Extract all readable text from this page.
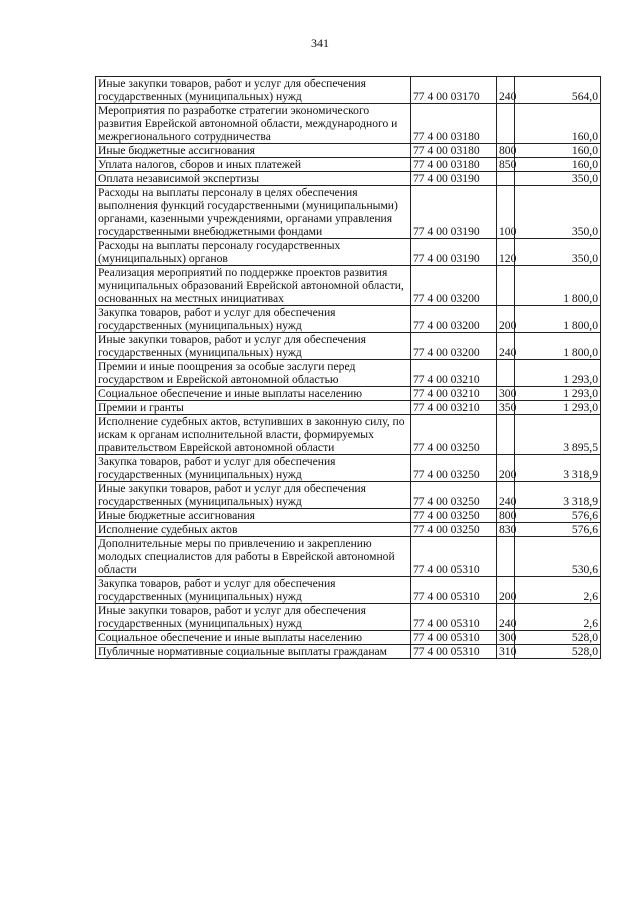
341
Иные закупки товаров, работ и услуг для обеспечения государственных (муниципальных) нужд	77 4 00 03170	240	564,0
Мероприятия по разработке стратегии экономического развития Еврейской автономной области, международного и межрегионального сотрудничества	77 4 00 03180		160,0
Иные бюджетные ассигнования	77 4 00 03180	800	160,0
Уплата налогов, сборов и иных платежей	77 4 00 03180	850	160,0
Оплата независимой экспертизы	77 4 00 03190		350,0
Расходы на выплаты персоналу в целях обеспечения выполнения функций государственными (муниципальными) органами, казенными учреждениями, органами управления государственными внебюджетными фондами	77 4 00 03190	100	350,0
Расходы на выплаты персоналу государственных (муниципальных) органов	77 4 00 03190	120	350,0
Реализация мероприятий по поддержке проектов развития муниципальных образований Еврейской автономной области, основанных на местных инициативах	77 4 00 03200		1 800,0
Закупка товаров, работ и услуг для обеспечения государственных (муниципальных) нужд	77 4 00 03200	200	1 800,0
Иные закупки товаров, работ и услуг для обеспечения государственных (муниципальных) нужд	77 4 00 03200	240	1 800,0
Премии и иные поощрения за особые заслуги перед государством и Еврейской автономной областью	77 4 00 03210		1 293,0
Социальное обеспечение и иные выплаты населению	77 4 00 03210	300	1 293,0
Премии и гранты	77 4 00 03210	350	1 293,0
Исполнение судебных актов, вступивших в законную силу, по искам к органам исполнительной власти, формируемых правительством Еврейской автономной области	77 4 00 03250		3 895,5
Закупка товаров, работ и услуг для обеспечения государственных (муниципальных) нужд	77 4 00 03250	200	3 318,9
Иные закупки товаров, работ и услуг для обеспечения государственных (муниципальных) нужд	77 4 00 03250	240	3 318,9
Иные бюджетные ассигнования	77 4 00 03250	800	576,6
Исполнение судебных актов	77 4 00 03250	830	576,6
Дополнительные меры по привлечению и закреплению молодых специалистов для работы в Еврейской автономной области	77 4 00 05310		530,6
Закупка товаров, работ и услуг для обеспечения государственных (муниципальных) нужд	77 4 00 05310	200	2,6
Иные закупки товаров, работ и услуг для обеспечения государственных (муниципальных) нужд	77 4 00 05310	240	2,6
Социальное обеспечение и иные выплаты населению	77 4 00 05310	300	528,0
Публичные нормативные социальные выплаты гражданам	77 4 00 05310	310	528,0
